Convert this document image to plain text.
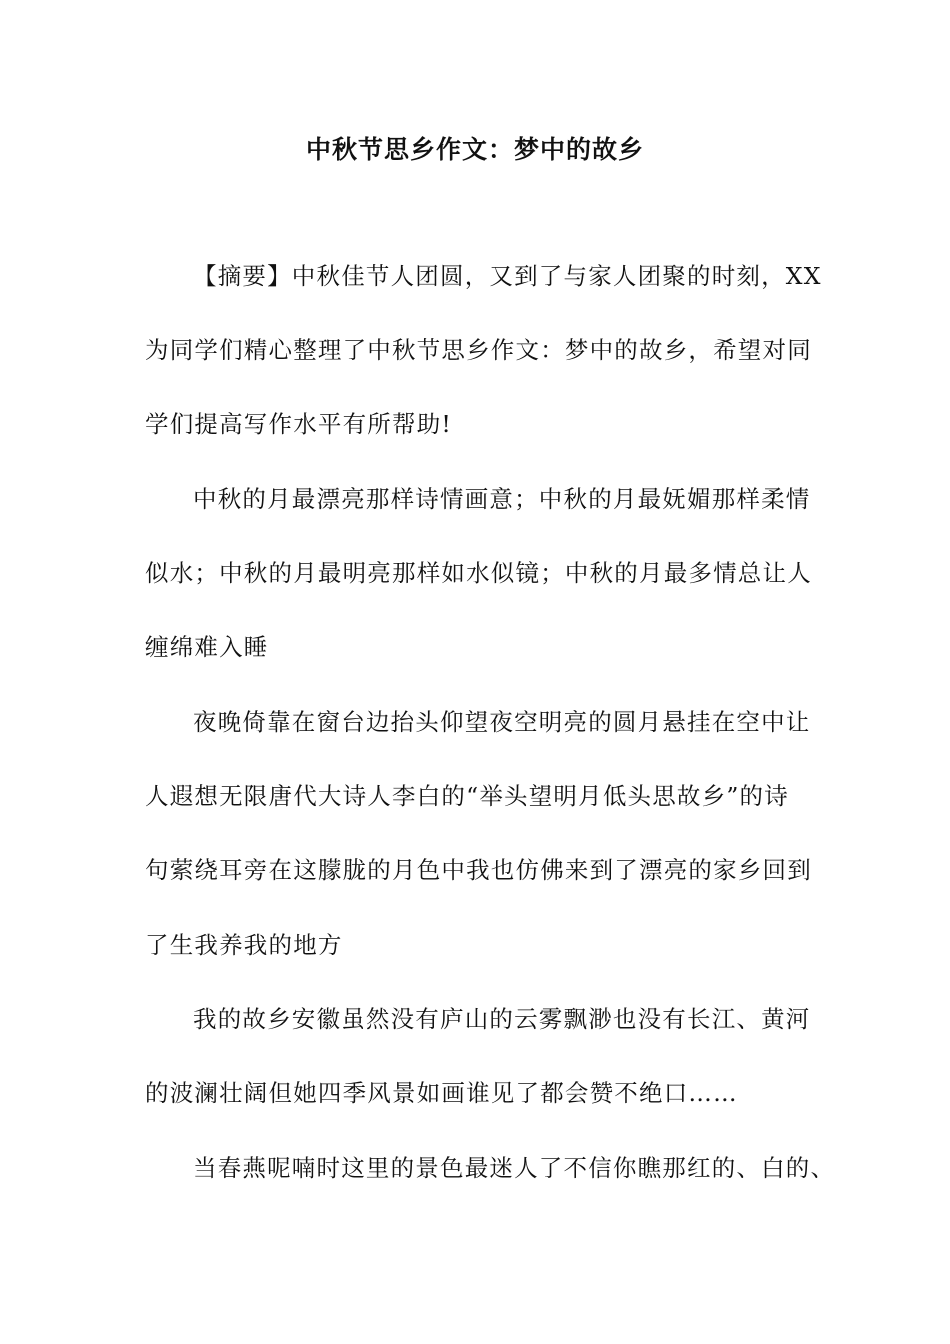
中秋节思乡作文：梦中的故乡
【摘要】中秋佳节人团圆，又到了与家人团聚的时刻，XX
为同学们精心整理了中秋节思乡作文：梦中的故乡，希望对同
学们提高写作水平有所帮助!
中秋的月最漂亮那样诗情画意；中秋的月最妩媚那样柔情
似水；中秋的月最明亮那样如水似镜；中秋的月最多情总让人
缠绵难入睡
夜晚倚靠在窗台边抬头仰望夜空明亮的圆月悬挂在空中让
人遐想无限唐代大诗人李白的“举头望明月低头思故乡”的诗
句萦绕耳旁在这朦胧的月色中我也仿佛来到了漂亮的家乡回到
了生我养我的地方
我的故乡安徽虽然没有庐山的云雾飘渺也没有长江、黄河
的波澜壮阔但她四季风景如画谁见了都会赞不绝口……
当春燕呢喃时这里的景色最迷人了不信你瞧那红的、白的、
